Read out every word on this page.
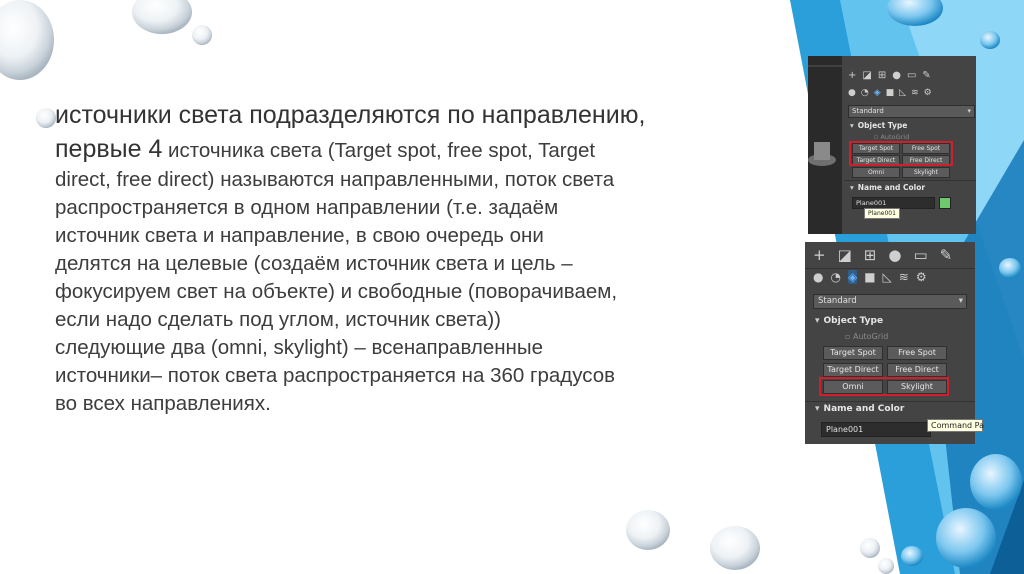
источники света подразделяются по направлению,
первые 4 источника света (Target spot, free spot, Target
direct, free direct) называются направленными, поток света
распространяется в одном направлении (т.е. задаём
источник света и направление, в свою очередь они
делятся на целевые (создаём источник света и цель –
фокусируем свет на объекте) и свободные (поворачиваем,
если надо сделать под углом, источник света))
следующие два (omni, skylight) – всенаправленные
источники– поток света распространяется на 360 градусов
во всех направлениях.
+ ◪ ⊞ ● ▭ ✎
● ◔ ◈ ■ ◺ ≋ ⚙
Standard	▾
▾ Object Type
▫ AutoGrid
Target Spot	Free Spot
Target Direct	Free Direct
Omni	Skylight
▾ Name and Color
Plane001
Plane001
+ ◪ ⊞ ● ▭ ✎
● ◔ ◈ ■ ◺ ≋ ⚙
Standard	▾
▾ Object Type
▫ AutoGrid
Target Spot	Free Spot
Target Direct	Free Direct
Omni	Skylight
▾ Name and Color
Plane001	Command Pa
